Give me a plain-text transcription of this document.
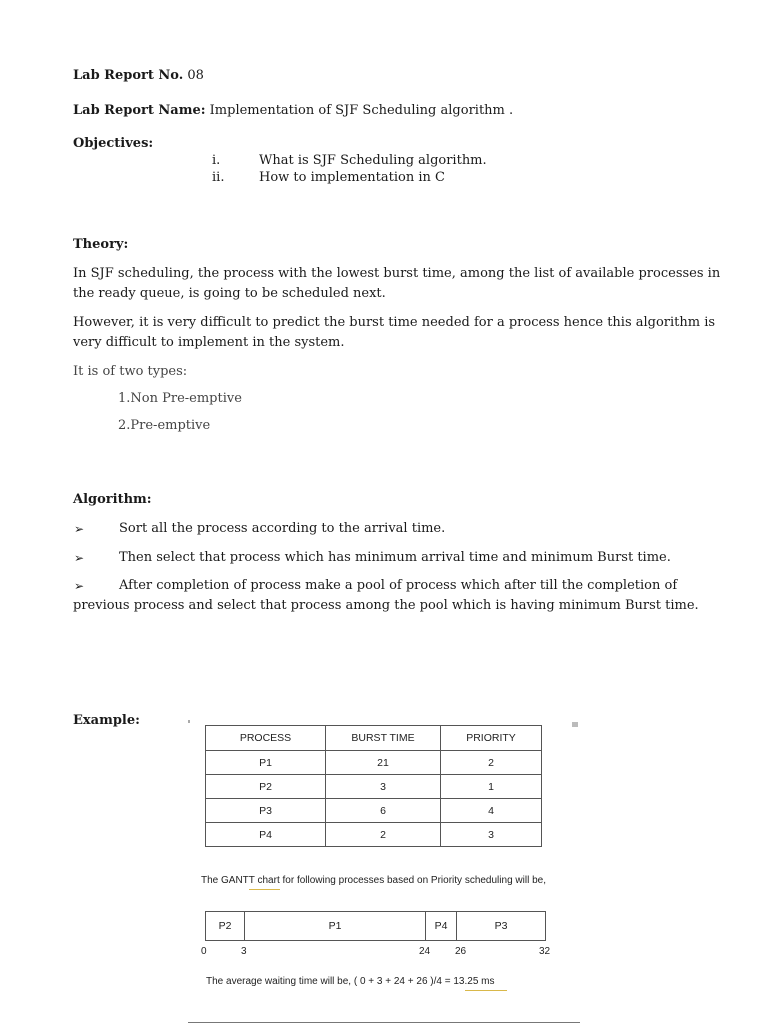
Lab Report No. 08
Lab Report Name: Implementation of SJF Scheduling algorithm .
Objectives:
i.	What is SJF Scheduling algorithm.
ii.	How to implementation in C
Theory:
In SJF scheduling, the process with the lowest burst time, among the list of available processes in
the ready queue, is going to be scheduled next.
However, it is very difficult to predict the burst time needed for a process hence this algorithm is
very difficult to implement in the system.
It is of two types:
1.Non Pre-emptive
2.Pre-emptive
Algorithm:
➢	Sort all the process according to the arrival time.
➢	Then select that process which has minimum arrival time and minimum Burst time.
➢	After completion of process make a pool of process which after till the completion of
previous process and select that process among the pool which is having minimum Burst time.
Example:
PROCESS	BURST TIME	PRIORITY
P1	21	2
P2	3	1
P3	6	4
P4	2	3
The GANTT chart for following processes based on Priority scheduling will be,
P2	P1	P4	P3
0	3	24 26	32
The average waiting time will be, ( 0 + 3 + 24 + 26 )/4 = 13.25 ms
